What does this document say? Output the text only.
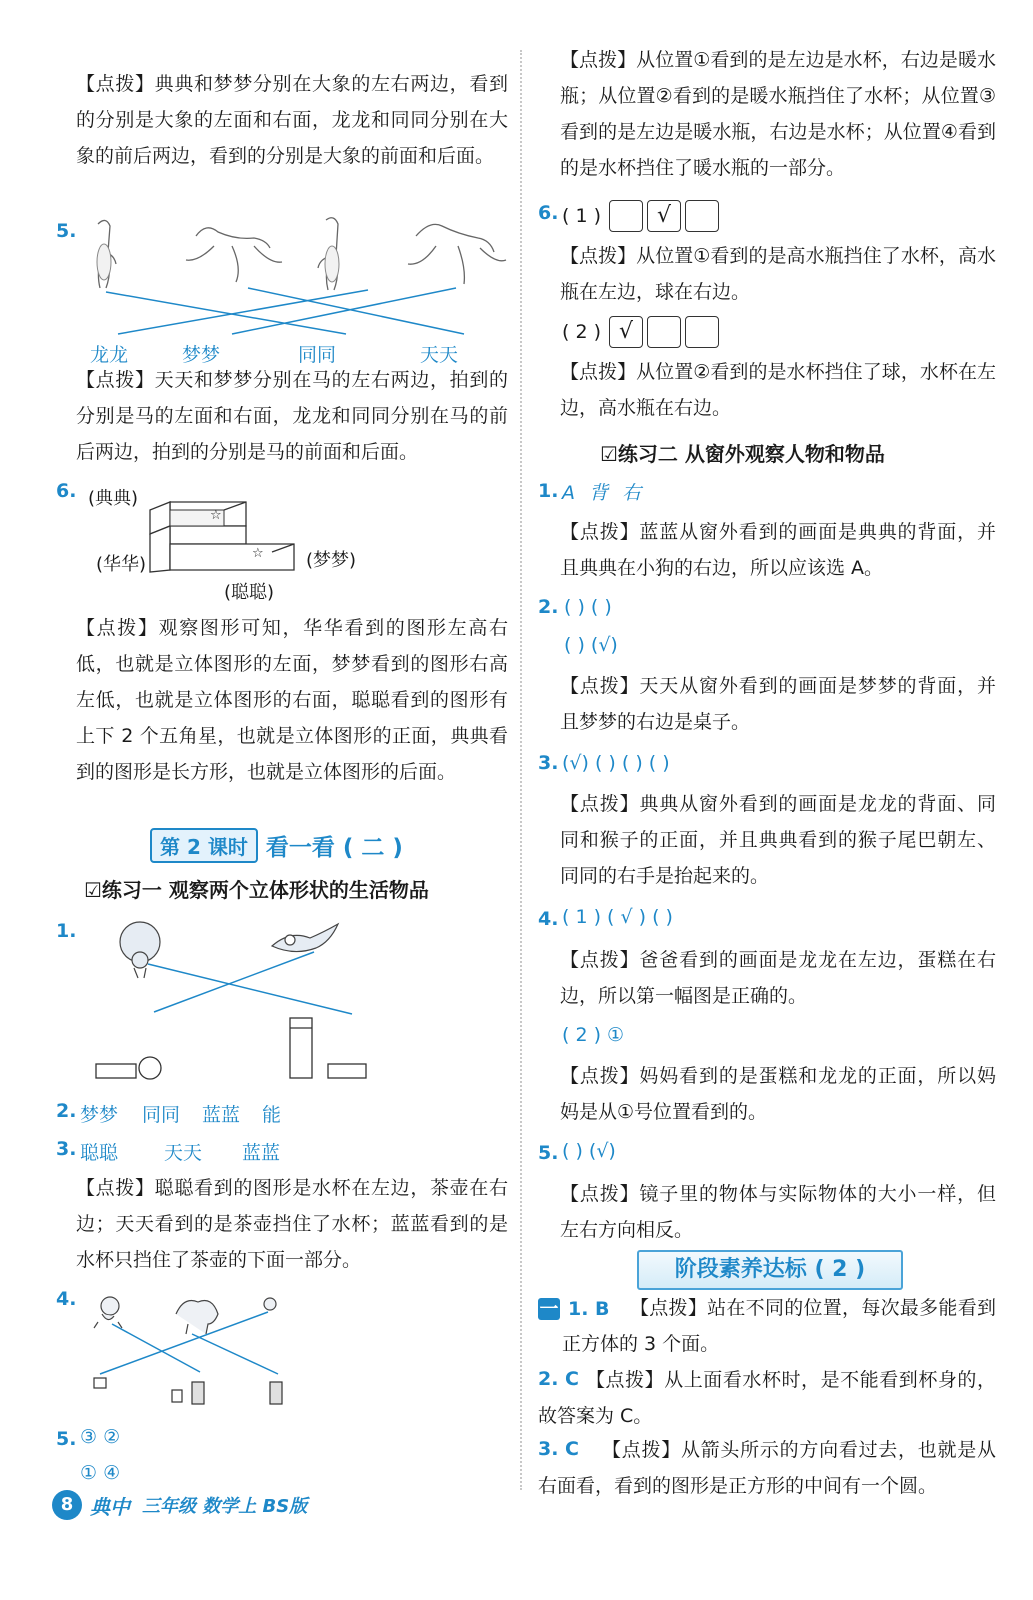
【点拨】典典和梦梦分别在大象的左右两边，看到的分别是大象的左面和右面，龙龙和同同分别在大象的前后两边，看到的分别是大象的前面和后面。
5.
龙龙	梦梦	同同	天天
【点拨】天天和梦梦分别在马的左右两边，拍到的分别是马的左面和右面，龙龙和同同分别在马的前后两边，拍到的分别是马的前面和后面。
6. (典典)
(华华)	(梦梦)
(聪聪)
☆
☆
【点拨】观察图形可知，华华看到的图形左高右低，也就是立体图形的左面，梦梦看到的图形右高左低，也就是立体图形的右面，聪聪看到的图形有上下 2 个五角星，也就是立体图形的正面，典典看到的图形是长方形，也就是立体图形的后面。
第 2 课时 看一看 ( 二 )
☑练习一 观察两个立体形状的生活物品
1.
2. 梦梦 同同 蓝蓝 能
3. 聪聪 天天 蓝蓝
【点拨】聪聪看到的图形是水杯在左边，茶壶在右边；天天看到的是茶壶挡住了水杯；蓝蓝看到的是水杯只挡住了茶壶的下面一部分。
4.
5. ③ ②
① ④
【点拨】从位置①看到的是左边是水杯，右边是暖水瓶；从位置②看到的是暖水瓶挡住了水杯；从位置③看到的是左边是暖水瓶，右边是水杯；从位置④看到的是水杯挡住了暖水瓶的一部分。
6. ( 1 )	√
【点拨】从位置①看到的是高水瓶挡住了水杯，高水瓶在左边，球在右边。
( 2 ) √
【点拨】从位置②看到的是水杯挡住了球，水杯在左边，高水瓶在右边。
☑练习二 从窗外观察人物和物品
1. A 背 右
【点拨】蓝蓝从窗外看到的画面是典典的背面，并且典典在小狗的右边，所以应该选 A。
2. ( ) ( )
( ) (√)
【点拨】天天从窗外看到的画面是梦梦的背面，并且梦梦的右边是桌子。
3. (√) ( ) ( ) ( )
【点拨】典典从窗外看到的画面是龙龙的背面、同同和猴子的正面，并且典典看到的猴子尾巴朝左、同同的右手是抬起来的。
4. ( 1 ) ( √ ) ( )
【点拨】爸爸看到的画面是龙龙在左边，蛋糕在右边，所以第一幅图是正确的。
( 2 ) ①
【点拨】妈妈看到的是蛋糕和龙龙的正面，所以妈妈是从①号位置看到的。
5. ( ) (√)
【点拨】镜子里的物体与实际物体的大小一样，但左右方向相反。
阶段素养达标 ( 2 )
一 1. B	【点拨】站在不同的位置，每次最多能看到正方体的 3 个面。
2. C 【点拨】从上面看水杯时，是不能看到杯身的，故答案为 C。
3. C	【点拨】从箭头所示的方向看过去，也就是从右面看，看到的图形是正方形的中间有一个圆。
8 典中 三年级 数学上 BS版
